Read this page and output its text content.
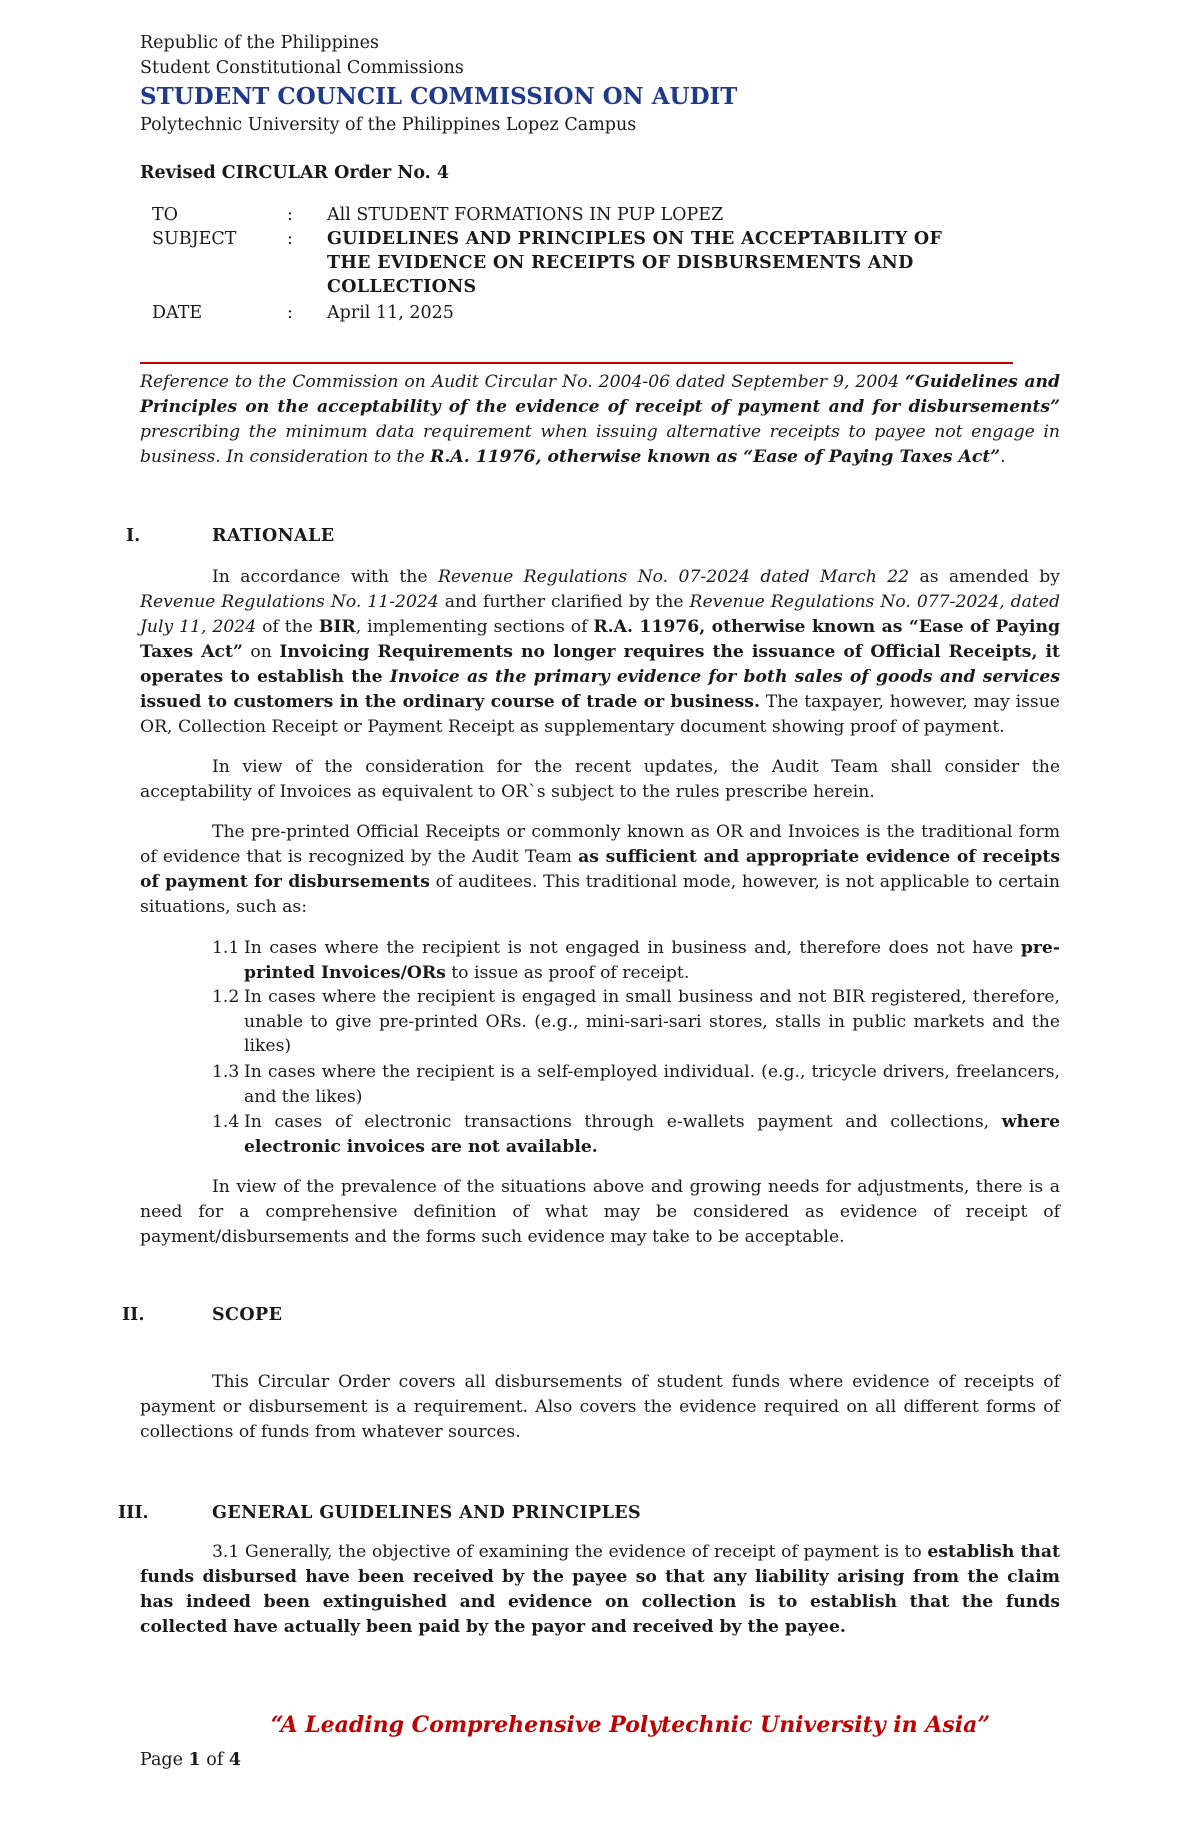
Republic of the Philippines
Student Constitutional Commissions
STUDENT COUNCIL COMMISSION ON AUDIT
Polytechnic University of the Philippines Lopez Campus
Revised CIRCULAR Order No. 4
TO	: All STUDENT FORMATIONS IN PUP LOPEZ
SUBJECT	: GUIDELINES AND PRINCIPLES ON THE ACCEPTABILITY OF
THE EVIDENCE ON RECEIPTS OF DISBURSEMENTS AND
COLLECTIONS
DATE	: April 11, 2025
Reference to the Commission on Audit Circular No. 2004-06 dated September 9, 2004 “Guidelines and Principles on the acceptability of the evidence of receipt of payment and for disbursements” prescribing the minimum data requirement when issuing alternative receipts to payee not engage in business. In consideration to the R.A. 11976, otherwise known as “Ease of Paying Taxes Act”.
I.	RATIONALE
In accordance with the Revenue Regulations No. 07-2024 dated March 22 as amended by Revenue Regulations No. 11-2024 and further clarified by the Revenue Regulations No. 077-2024, dated July 11, 2024 of the BIR, implementing sections of R.A. 11976, otherwise known as “Ease of Paying Taxes Act” on Invoicing Requirements no longer requires the issuance of Official Receipts, it operates to establish the Invoice as the primary evidence for both sales of goods and services issued to customers in the ordinary course of trade or business. The taxpayer, however, may issue OR, Collection Receipt or Payment Receipt as supplementary document showing proof of payment.
In view of the consideration for the recent updates, the Audit Team shall consider the acceptability of Invoices as equivalent to OR`s subject to the rules prescribe herein.
The pre-printed Official Receipts or commonly known as OR and Invoices is the traditional form of evidence that is recognized by the Audit Team as sufficient and appropriate evidence of receipts of payment for disbursements of auditees. This traditional mode, however, is not applicable to certain situations, such as:
1.1 In cases where the recipient is not engaged in business and, therefore does not have pre-printed Invoices/ORs to issue as proof of receipt.
1.2 In cases where the recipient is engaged in small business and not BIR registered, therefore, unable to give pre-printed ORs. (e.g., mini-sari-sari stores, stalls in public markets and the likes)
1.3 In cases where the recipient is a self-employed individual. (e.g., tricycle drivers, freelancers, and the likes)
1.4 In cases of electronic transactions through e-wallets payment and collections, where electronic invoices are not available.
In view of the prevalence of the situations above and growing needs for adjustments, there is a need for a comprehensive definition of what may be considered as evidence of receipt of payment/disbursements and the forms such evidence may take to be acceptable.
II.	SCOPE
This Circular Order covers all disbursements of student funds where evidence of receipts of payment or disbursement is a requirement. Also covers the evidence required on all different forms of collections of funds from whatever sources.
III.	GENERAL GUIDELINES AND PRINCIPLES
3.1 Generally, the objective of examining the evidence of receipt of payment is to establish that funds disbursed have been received by the payee so that any liability arising from the claim has indeed been extinguished and evidence on collection is to establish that the funds collected have actually been paid by the payor and received by the payee.
“A Leading Comprehensive Polytechnic University in Asia”
Page 1 of 4
